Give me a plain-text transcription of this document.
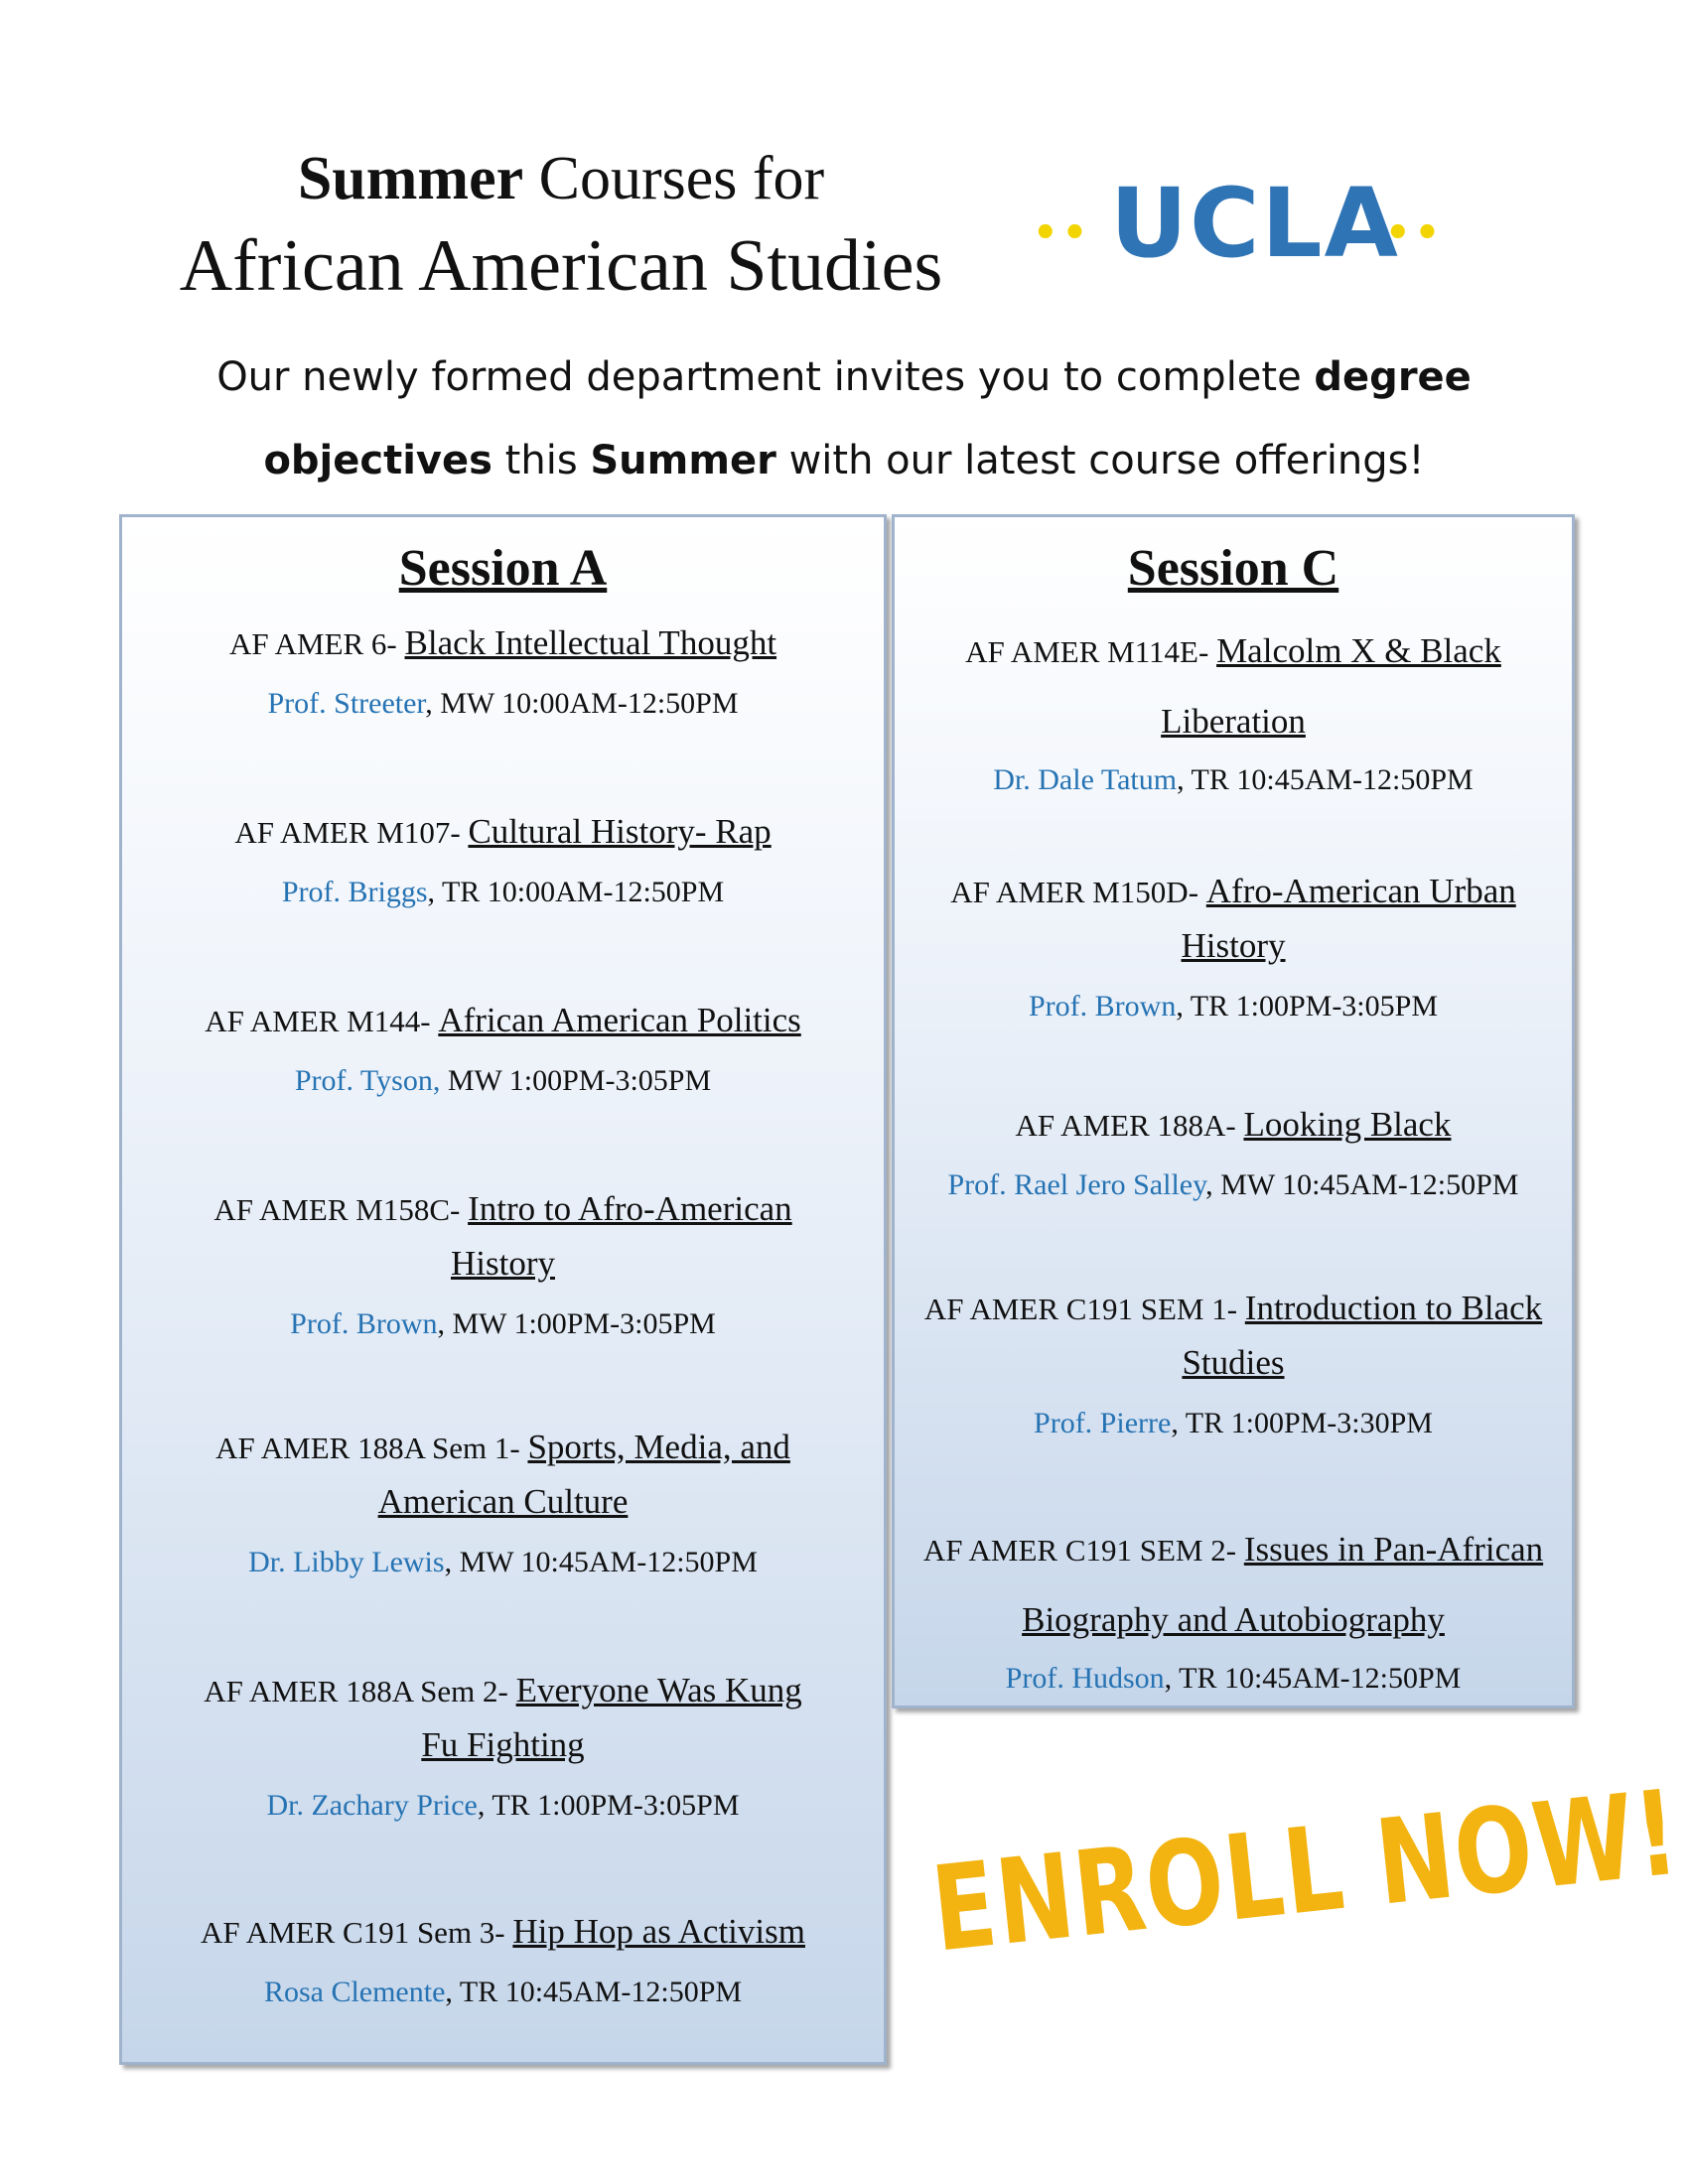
Summer Courses for
African American Studies	•• UCLA
••
Our newly formed department invites you to complete degree objectives this Summer with our latest course offerings!
Session A
AF AMER 6- Black Intellectual Thought
Prof. Streeter, MW 10:00AM-12:50PM
AF AMER M107- Cultural History- Rap
Prof. Briggs, TR 10:00AM-12:50PM
AF AMER M144- African American Politics
Prof. Tyson, MW 1:00PM-3:05PM
AF AMER M158C- Intro to Afro-American History
Prof. Brown, MW 1:00PM-3:05PM
AF AMER 188A Sem 1- Sports, Media, and American Culture
Dr. Libby Lewis, MW 10:45AM-12:50PM
AF AMER 188A Sem 2- Everyone Was Kung Fu Fighting
Dr. Zachary Price, TR 1:00PM-3:05PM
AF AMER C191 Sem 3- Hip Hop as Activism
Rosa Clemente, TR 10:45AM-12:50PM
Session C
AF AMER M114E- Malcolm X & Black Liberation
Dr. Dale Tatum, TR 10:45AM-12:50PM
AF AMER M150D- Afro-American Urban History
Prof. Brown, TR 1:00PM-3:05PM
AF AMER 188A- Looking Black
Prof. Rael Jero Salley, MW 10:45AM-12:50PM
AF AMER C191 SEM 1- Introduction to Black Studies
Prof. Pierre, TR 1:00PM-3:30PM
AF AMER C191 SEM 2- Issues in Pan-African Biography and Autobiography
Prof. Hudson, TR 10:45AM-12:50PM
ENROLL NOW!
